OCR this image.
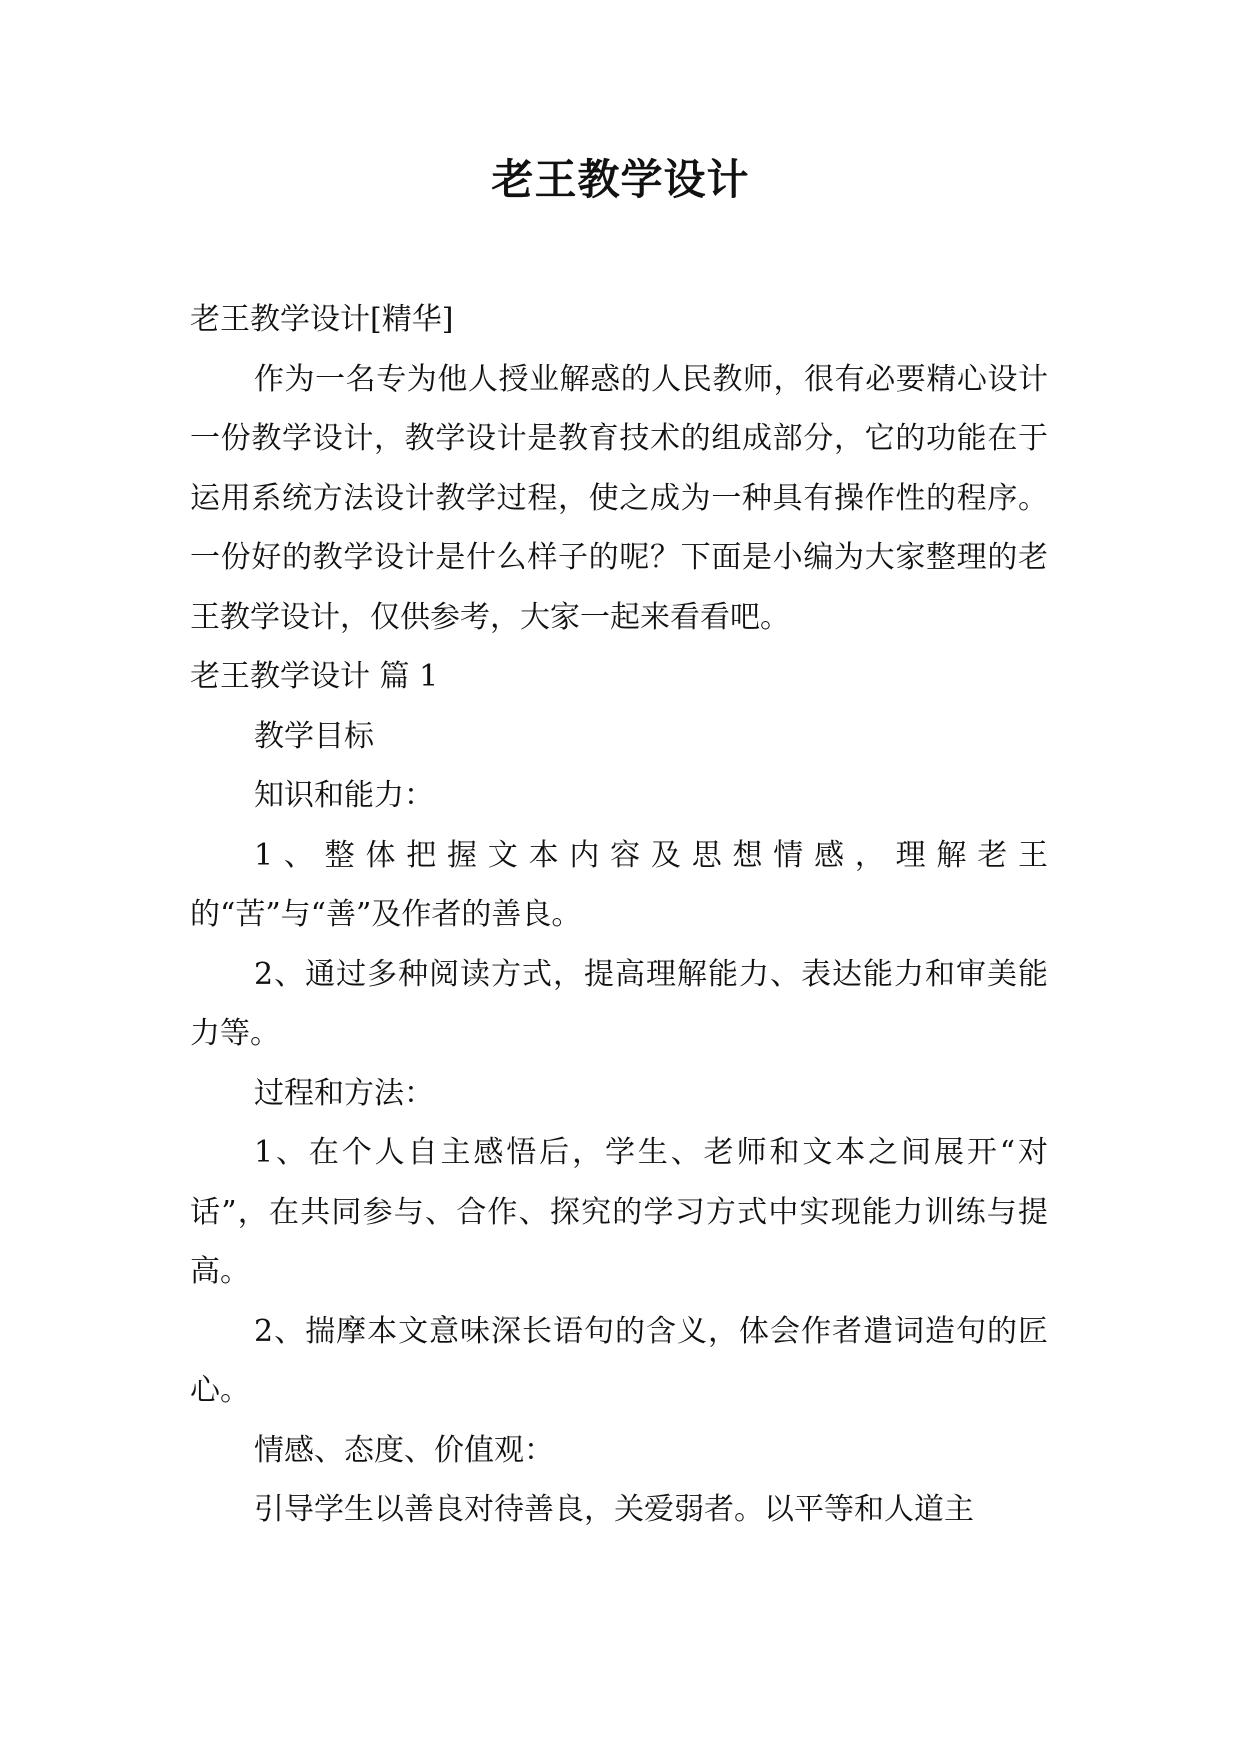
老王教学设计

老王教学设计[精华]

作为一名专为他人授业解惑的人民教师，很有必要精心设计一份教学设计，教学设计是教育技术的组成部分，它的功能在于运用系统方法设计教学过程，使之成为一种具有操作性的程序。一份好的教学设计是什么样子的呢？下面是小编为大家整理的老王教学设计，仅供参考，大家一起来看看吧。

老王教学设计 篇 1

教学目标

知识和能力：

1、整体把握文本内容及思想情感，理解老王的“苦”与“善”及作者的善良。

2、通过多种阅读方式，提高理解能力、表达能力和审美能力等。

过程和方法：

1、在个人自主感悟后，学生、老师和文本之间展开“对话”，在共同参与、合作、探究的学习方式中实现能力训练与提高。

2、揣摩本文意味深长语句的含义，体会作者遣词造句的匠心。

情感、态度、价值观：

引导学生以善良对待善良，关爱弱者。以平等和人道主
